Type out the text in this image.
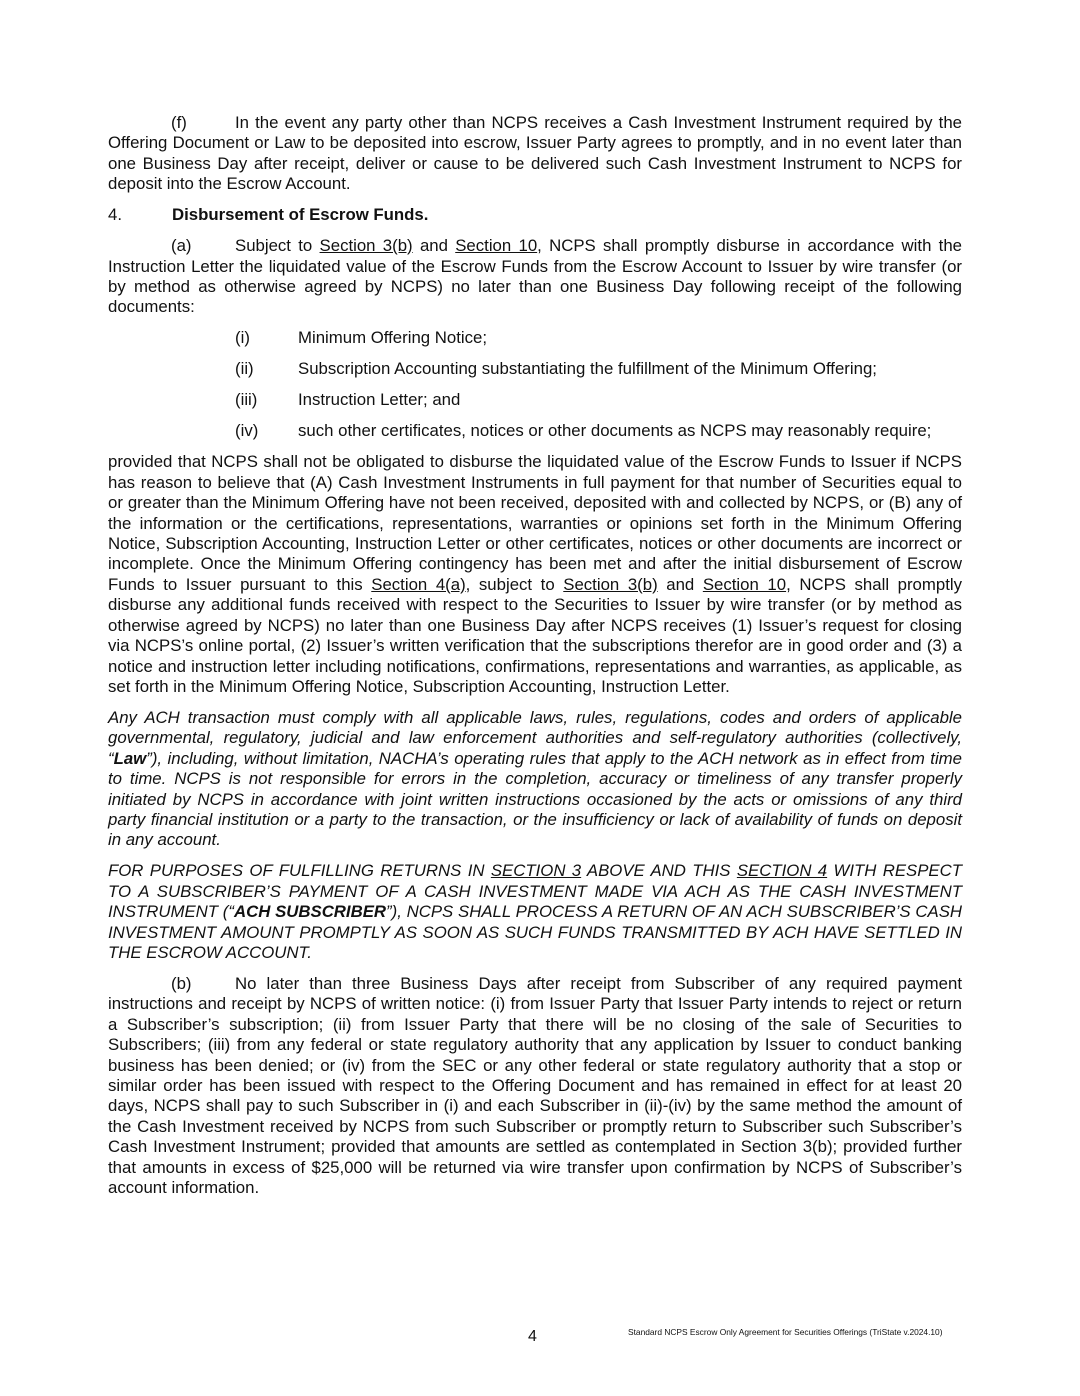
(f)	In the event any party other than NCPS receives a Cash Investment Instrument required by the Offering Document or Law to be deposited into escrow, Issuer Party agrees to promptly, and in no event later than one Business Day after receipt, deliver or cause to be delivered such Cash Investment Instrument to NCPS for deposit into the Escrow Account.

4.	Disbursement of Escrow Funds.

(a)	Subject to Section 3(b) and Section 10, NCPS shall promptly disburse in accordance with the Instruction Letter the liquidated value of the Escrow Funds from the Escrow Account to Issuer by wire transfer (or by method as otherwise agreed by NCPS) no later than one Business Day following receipt of the following documents:

(i)	Minimum Offering Notice;
(ii)	Subscription Accounting substantiating the fulfillment of the Minimum Offering;
(iii)	Instruction Letter; and
(iv)	such other certificates, notices or other documents as NCPS may reasonably require;

provided that NCPS shall not be obligated to disburse the liquidated value of the Escrow Funds to Issuer if NCPS has reason to believe that (A) Cash Investment Instruments in full payment for that number of Securities equal to or greater than the Minimum Offering have not been received, deposited with and collected by NCPS, or (B) any of the information or the certifications, representations, warranties or opinions set forth in the Minimum Offering Notice, Subscription Accounting, Instruction Letter or other certificates, notices or other documents are incorrect or incomplete. Once the Minimum Offering contingency has been met and after the initial disbursement of Escrow Funds to Issuer pursuant to this Section 4(a), subject to Section 3(b) and Section 10, NCPS shall promptly disburse any additional funds received with respect to the Securities to Issuer by wire transfer (or by method as otherwise agreed by NCPS) no later than one Business Day after NCPS receives (1) Issuer’s request for closing via NCPS’s online portal, (2) Issuer’s written verification that the subscriptions therefor are in good order and (3) a notice and instruction letter including notifications, confirmations, representations and warranties, as applicable, as set forth in the Minimum Offering Notice, Subscription Accounting, Instruction Letter.

Any ACH transaction must comply with all applicable laws, rules, regulations, codes and orders of applicable governmental, regulatory, judicial and law enforcement authorities and self-regulatory authorities (collectively, “Law”), including, without limitation, NACHA’s operating rules that apply to the ACH network as in effect from time to time. NCPS is not responsible for errors in the completion, accuracy or timeliness of any transfer properly initiated by NCPS in accordance with joint written instructions occasioned by the acts or omissions of any third party financial institution or a party to the transaction, or the insufficiency or lack of availability of funds on deposit in any account.

FOR PURPOSES OF FULFILLING RETURNS IN SECTION 3 ABOVE AND THIS SECTION 4 WITH RESPECT TO A SUBSCRIBER’S PAYMENT OF A CASH INVESTMENT MADE VIA ACH AS THE CASH INVESTMENT INSTRUMENT (“ACH SUBSCRIBER”), NCPS SHALL PROCESS A RETURN OF AN ACH SUBSCRIBER’S CASH INVESTMENT AMOUNT PROMPTLY AS SOON AS SUCH FUNDS TRANSMITTED BY ACH HAVE SETTLED IN THE ESCROW ACCOUNT.

(b)	No later than three Business Days after receipt from Subscriber of any required payment instructions and receipt by NCPS of written notice: (i) from Issuer Party that Issuer Party intends to reject or return a Subscriber’s subscription; (ii) from Issuer Party that there will be no closing of the sale of Securities to Subscribers; (iii) from any federal or state regulatory authority that any application by Issuer to conduct banking business has been denied; or (iv) from the SEC or any other federal or state regulatory authority that a stop or similar order has been issued with respect to the Offering Document and has remained in effect for at least 20 days, NCPS shall pay to such Subscriber in (i) and each Subscriber in (ii)-(iv) by the same method the amount of the Cash Investment received by NCPS from such Subscriber or promptly return to Subscriber such Subscriber’s Cash Investment Instrument; provided that amounts are settled as contemplated in Section 3(b); provided further that amounts in excess of $25,000 will be returned via wire transfer upon confirmation by NCPS of Subscriber’s account information.

4	Standard NCPS Escrow Only Agreement for Securities Offerings (TriState v.2024.10)
